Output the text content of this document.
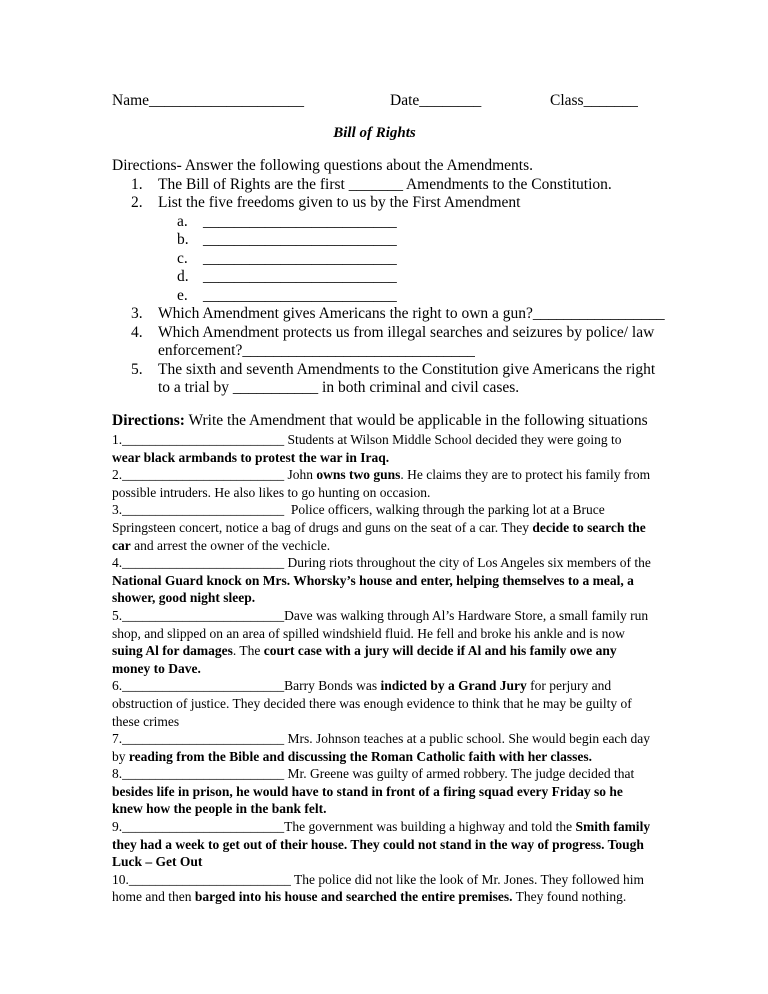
Name____________________	Date________	Class_______
Bill of Rights
Directions- Answer the following questions about the Amendments.
1. The Bill of Rights are the first _______ Amendments to the Constitution.
2. List the five freedoms given to us by the First Amendment
a. _________________________
b. _________________________
c. _________________________
d. _________________________
e. _________________________
3. Which Amendment gives Americans the right to own a gun?_________________
4. Which Amendment protects us from illegal searches and seizures by police/ law
enforcement?______________________________
5. The sixth and seventh Amendments to the Constitution give Americans the right
to a trial by ___________ in both criminal and civil cases.
Directions: Write the Amendment that would be applicable in the following situations

1.________________________ Students at Wilson Middle School decided they were going to wear black armbands to protest the war in Iraq.

2.________________________ John owns two guns. He claims they are to protect his family from possible intruders. He also likes to go hunting on occasion.

3.________________________  Police officers, walking through the parking lot at a Bruce Springsteen concert, notice a bag of drugs and guns on the seat of a car. They decide to search the car and arrest the owner of the vechicle.

4.________________________ During riots throughout the city of Los Angeles six members of the National Guard knock on Mrs. Whorsky’s house and enter, helping themselves to a meal, a shower, good night sleep.

5.________________________Dave was walking through Al’s Hardware Store, a small family run shop, and slipped on an area of spilled windshield fluid. He fell and broke his ankle and is now suing Al for damages. The court case with a jury will decide if Al and his family owe any money to Dave.

6.________________________Barry Bonds was indicted by a Grand Jury for perjury and obstruction of justice. They decided there was enough evidence to think that he may be guilty of these crimes

7.________________________ Mrs. Johnson teaches at a public school. She would begin each day by reading from the Bible and discussing the Roman Catholic faith with her classes.

8.________________________ Mr. Greene was guilty of armed robbery. The judge decided that besides life in prison, he would have to stand in front of a firing squad every Friday so he knew how the people in the bank felt.

9.________________________The government was building a highway and told the Smith family they had a week to get out of their house. They could not stand in the way of progress. Tough Luck – Get Out

10.________________________ The police did not like the look of Mr. Jones. They followed him home and then barged into his house and searched the entire premises. They found nothing.
